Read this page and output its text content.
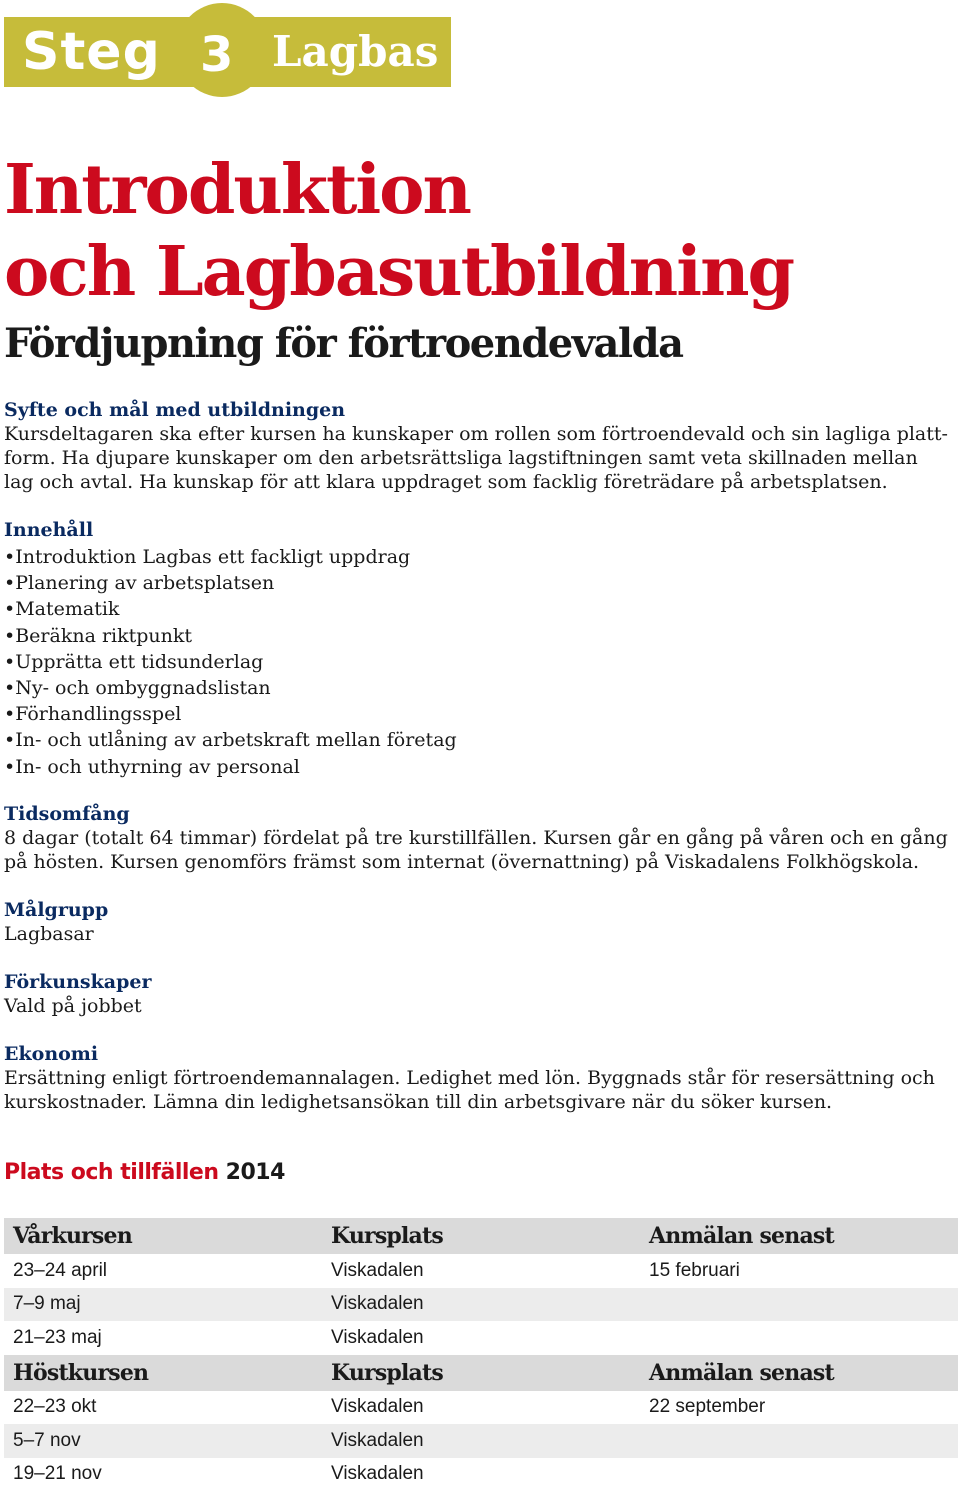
Steg 3 Lagbas
Introduktion
och Lagbasutbildning
Fördjupning för förtroendevalda
Syfte och mål med utbildningen

Kursdeltagaren ska efter kursen ha kunskaper om rollen som förtroendevald och sin lagliga plattform. Ha djupare kunskaper om den arbetsrättsliga lagstiftningen samt veta skillnaden mellan lag och avtal. Ha kunskap för att klara uppdraget som facklig företrädare på arbetsplatsen.

Innehåll
• Introduktion Lagbas ett fackligt uppdrag
• Planering av arbetsplatsen
• Matematik
• Beräkna riktpunkt
• Upprätta ett tidsunderlag
• Ny- och ombyggnadslistan
• Förhandlingsspel
• In- och utlåning av arbetskraft mellan företag
• In- och uthyrning av personal
Tidsomfång

8 dagar (totalt 64 timmar) fördelat på tre kurstillfällen. Kursen går en gång på våren och en gång på hösten. Kursen genomförs främst som internat (övernattning) på Viskadalens Folkhögskola.

Målgrupp

Lagbasar

Förkunskaper

Vald på jobbet

Ekonomi

Ersättning enligt förtroendemannalagen. Ledighet med lön. Byggnads står för resersättning och kurskostnader. Lämna din ledighetsansökan till din arbetsgivare när du söker kursen.

Plats och tillfällen 2014
Vårkursen	Kursplats	Anmälan senast
23–24 april	Viskadalen	15 februari
7–9 maj	Viskadalen	
21–23 maj	Viskadalen	
Höstkursen	Kursplats	Anmälan senast
22–23 okt	Viskadalen	22 september
5–7 nov	Viskadalen	
19–21 nov	Viskadalen	
